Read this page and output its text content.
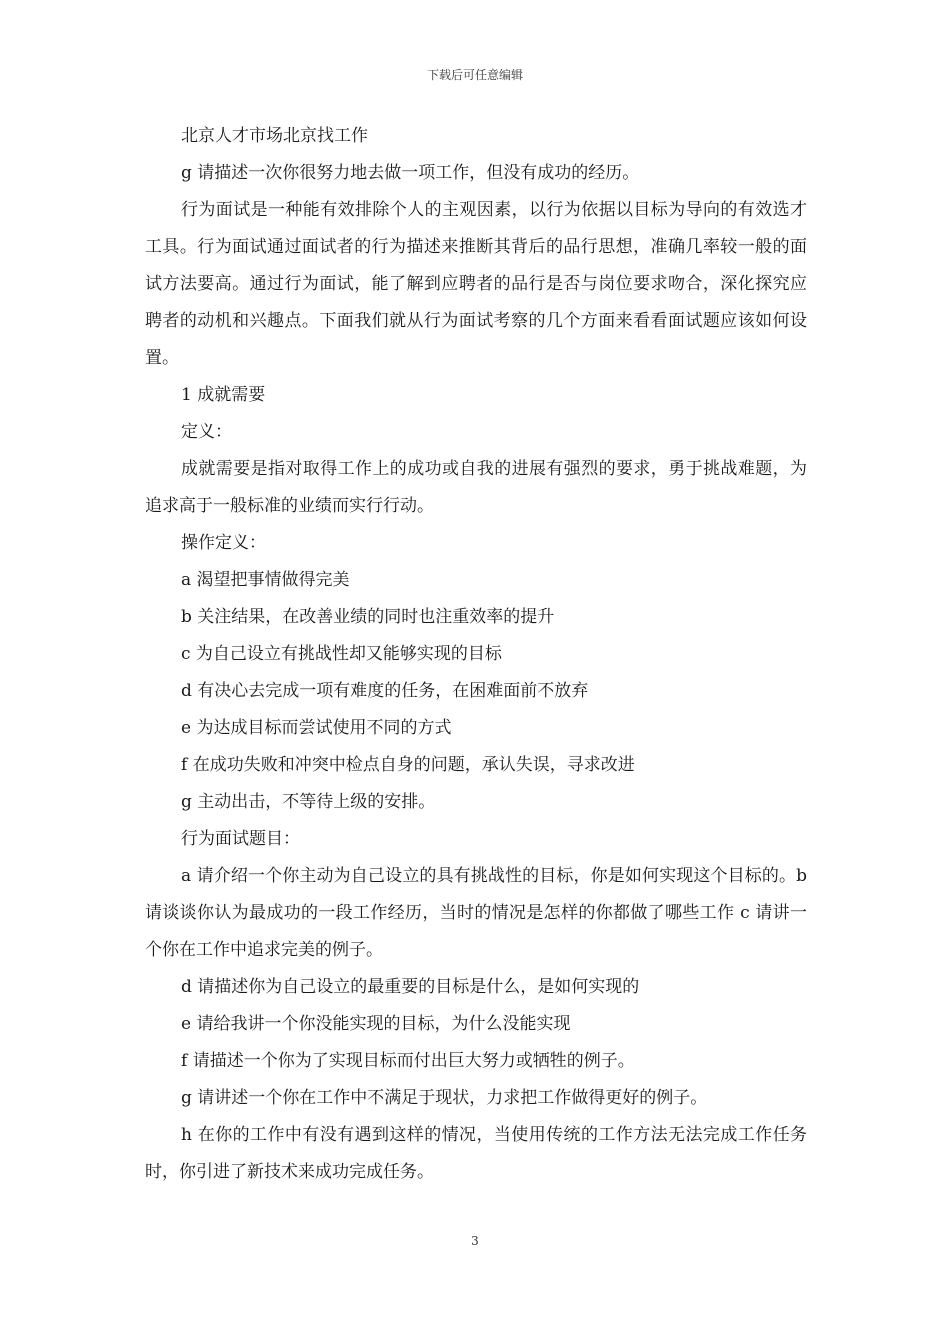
下载后可任意编辑

北京人才市场北京找工作

g 请描述一次你很努力地去做一项工作，但没有成功的经历。

行为面试是一种能有效排除个人的主观因素，以行为依据以目标为导向的有效选才工具。行为面试通过面试者的行为描述来推断其背后的品行思想，准确几率较一般的面试方法要高。通过行为面试，能了解到应聘者的品行是否与岗位要求吻合，深化探究应聘者的动机和兴趣点。下面我们就从行为面试考察的几个方面来看看面试题应该如何设置。

1 成就需要

定义：

成就需要是指对取得工作上的成功或自我的进展有强烈的要求，勇于挑战难题，为追求高于一般标准的业绩而实行行动。

操作定义：

a 渴望把事情做得完美

b 关注结果，在改善业绩的同时也注重效率的提升

c 为自己设立有挑战性却又能够实现的目标

d 有决心去完成一项有难度的任务，在困难面前不放弃

e 为达成目标而尝试使用不同的方式

f 在成功失败和冲突中检点自身的问题，承认失误，寻求改进

g 主动出击，不等待上级的安排。

行为面试题目：

a 请介绍一个你主动为自己设立的具有挑战性的目标，你是如何实现这个目标的。b 请谈谈你认为最成功的一段工作经历，当时的情况是怎样的你都做了哪些工作 c 请讲一个你在工作中追求完美的例子。

d 请描述你为自己设立的最重要的目标是什么，是如何实现的

e 请给我讲一个你没能实现的目标，为什么没能实现

f 请描述一个你为了实现目标而付出巨大努力或牺牲的例子。

g 请讲述一个你在工作中不满足于现状，力求把工作做得更好的例子。

h 在你的工作中有没有遇到这样的情况，当使用传统的工作方法无法完成工作任务时，你引进了新技术来成功完成任务。

3
